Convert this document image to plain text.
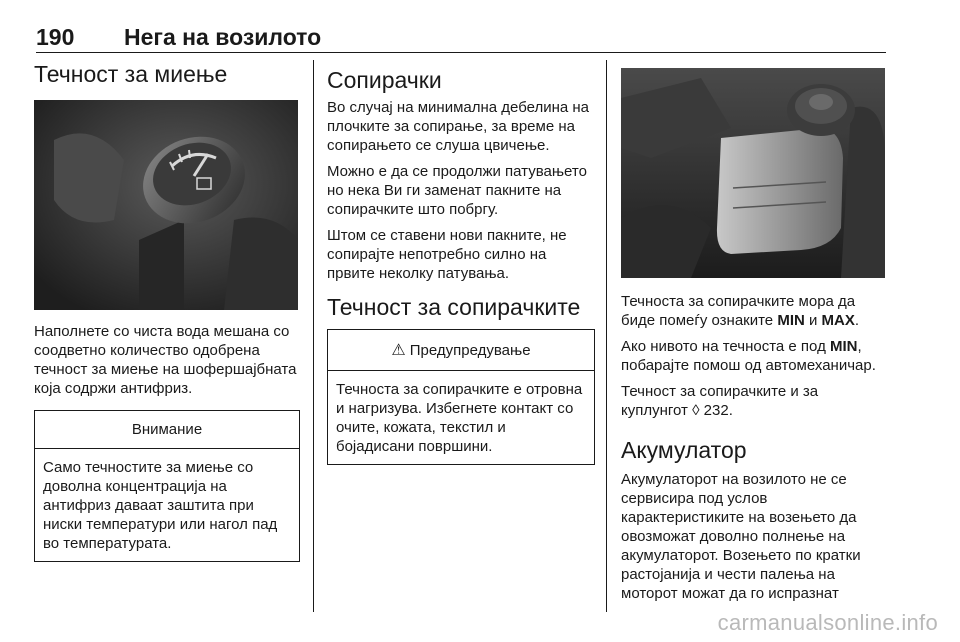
190 Нега на возилото
Течност за миење

Наполнете со чиста вода мешана со соодветно количество одобрена течност за миење на шофершајбната која содржи антифриз.

Внимание
Само течностите за миење со доволна концентрација на антифриз даваат заштита при ниски температури или нагол пад во температурата.
Сопирачки

Во случај на минимална дебелина на плочките за сопирање, за време на сопирањето се слуша цвичење.

Можно е да се продолжи патувањето но нека Ви ги заменат пакните на сопирачките што побргу.

Штом се ставени нови пакните, не сопирајте непотребно силно на првите неколку патувања.

Течност за сопирачките
⚠ Предупредување
Течноста за сопирачките е отровна и нагризува. Избегнете контакт со очите, кожата, текстил и бојадисани површини.

Течноста за сопирачките мора да биде помеѓу ознаките MIN и MAX.

Ако нивото на течноста е под MIN, побарајте помош од автомеханичар.

Течност за сопирачките и за куплунгот ◊ 232.

Акумулатор

Акумулаторот на возилото не се сервисира под услов карактеристиките на возењето да овозможат доволно полнење на акумулаторот. Возењето по кратки растојанија и чести палења на моторот можат да го испразнат

carmanualsonline.info
